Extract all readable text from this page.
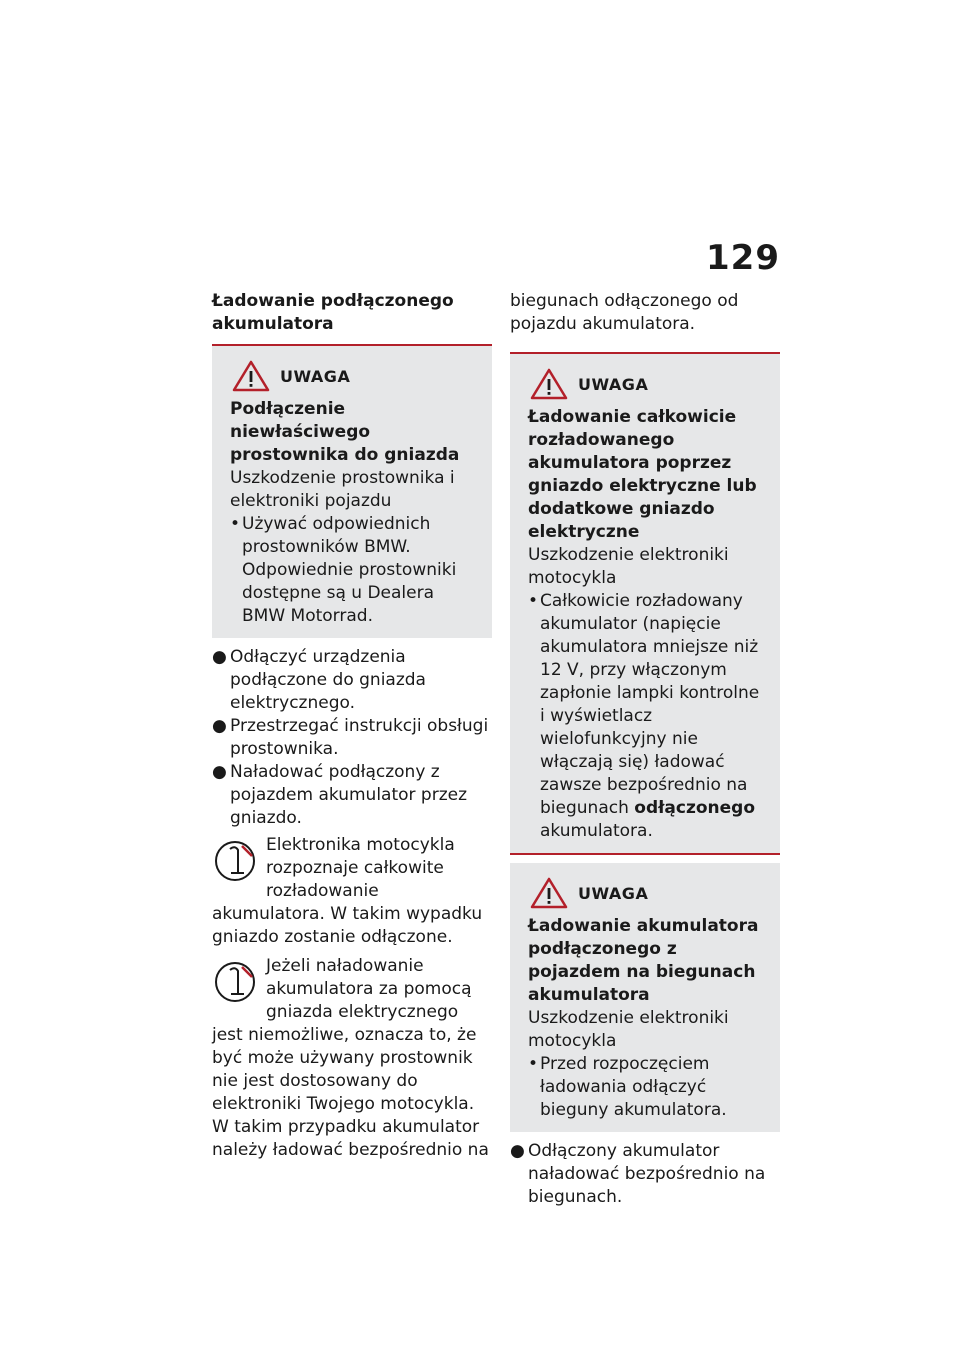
129
Ładowanie podłączonego akumulatora
UWAGA
Podłączenie niewłaściwego prostownika do gniazda
Uszkodzenie prostownika i elektroniki pojazdu
• Używać odpowiednich prostowników BMW. Odpowiednie prostowniki dostępne są u Dealera BMW Motorrad.
● Odłączyć urządzenia podłączone do gniazda elektrycznego.
● Przestrzegać instrukcji obsługi prostownika.
● Naładować podłączony z pojazdem akumulator przez gniazdo.
Elektronika motocykla rozpoznaje całkowite rozładowanie akumulatora. W takim wypadku gniazdo zostanie odłączone.
Jeżeli naładowanie akumulatora za pomocą gniazda elektrycznego jest niemożliwe, oznacza to, że być może używany prostownik nie jest dostosowany do elektroniki Twojego motocykla. W takim przypadku akumulator należy ładować bezpośrednio na
biegunach odłączonego od pojazdu akumulatora.
UWAGA
Ładowanie całkowicie rozładowanego akumulatora poprzez gniazdo elektryczne lub dodatkowe gniazdo elektryczne
Uszkodzenie elektroniki motocykla
• Całkowicie rozładowany akumulator (napięcie akumulatora mniejsze niż 12 V, przy włączonym zapłonie lampki kontrolne i wyświetlacz wielofunkcyjny nie włączają się) ładować zawsze bezpośrednio na biegunach odłączonego akumulatora.
UWAGA
Ładowanie akumulatora podłączonego z pojazdem na biegunach akumulatora
Uszkodzenie elektroniki motocykla
• Przed rozpoczęciem ładowania odłączyć bieguny akumulatora.
● Odłączony akumulator naładować bezpośrednio na biegunach.
